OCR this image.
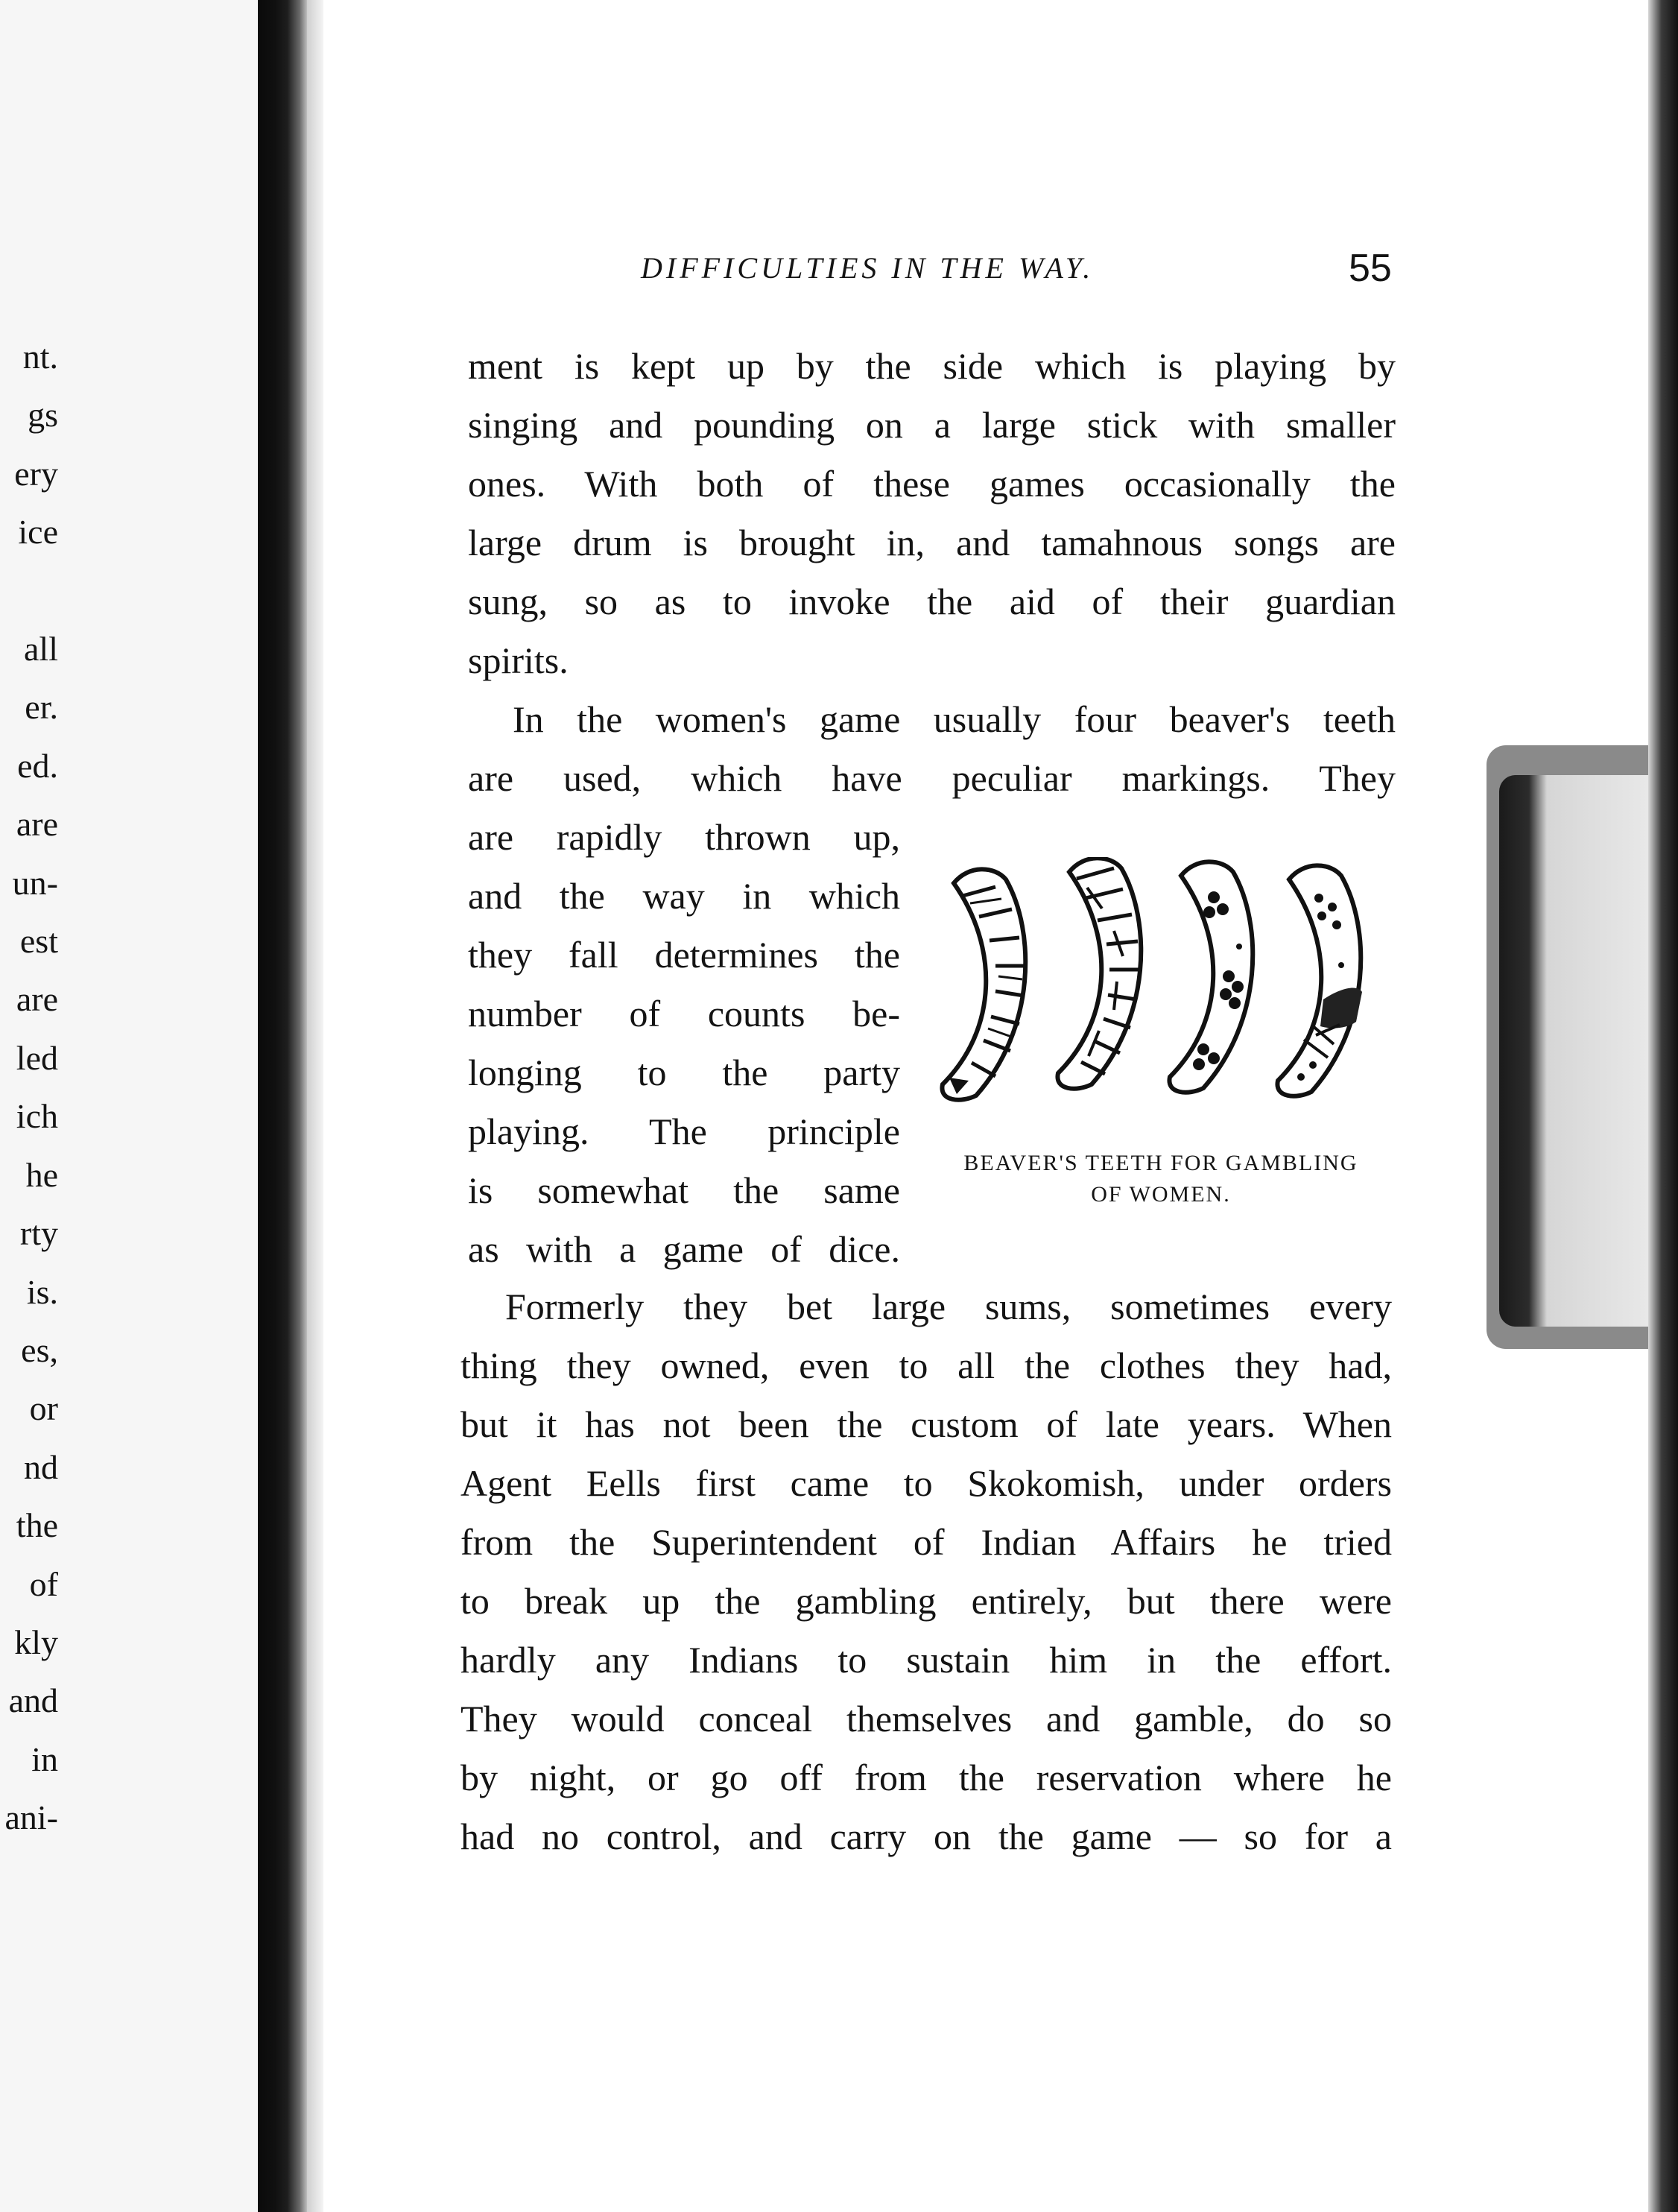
nt.
gs
ery
ice

all
er.
ed.
are
un-
est
are
led
ich
he
rty
is.
es,
or
nd
the
of
kly
and
in
ani-
DIFFICULTIES IN THE WAY.	55
ment is kept up by the side which is playing by
singing and pounding on a large stick with smaller
ones. With both of these games occasionally the
large drum is brought in, and tamahnous songs are
sung, so as to invoke the aid of their guardian
spirits.
In the women's game usually four beaver's teeth
are used, which have peculiar markings. They
are rapidly thrown up,
and the way in which
they fall determines the
number of counts be-
longing to the party
playing. The principle
is somewhat the same
as with a game of dice.
BEAVER'S TEETH FOR GAMBLING
OF WOMEN.
Formerly they bet large sums, sometimes every
thing they owned, even to all the clothes they had,
but it has not been the custom of late years. When
Agent Eells first came to Skokomish, under orders
from the Superintendent of Indian Affairs he tried
to break up the gambling entirely, but there were
hardly any Indians to sustain him in the effort.
They would conceal themselves and gamble, do so
by night, or go off from the reservation where he
had no control, and carry on the game — so for a
